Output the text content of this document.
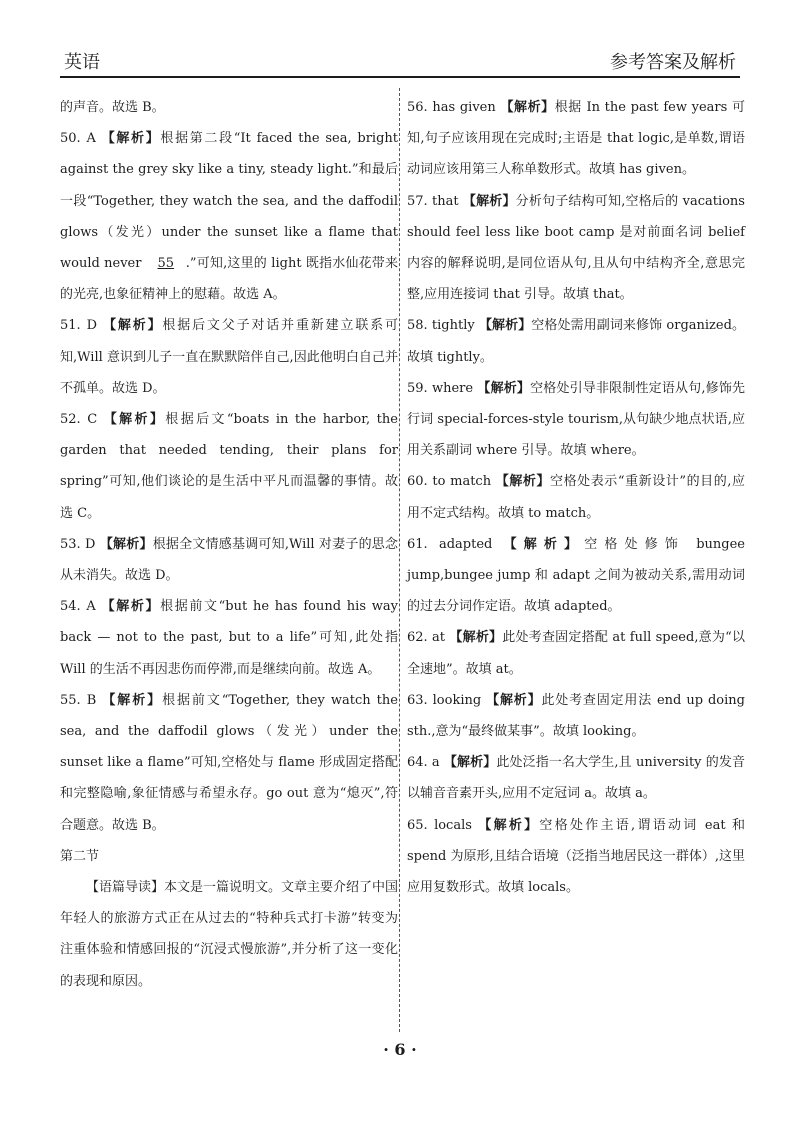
英语	参考答案及解析

的声音。故选 B。

50. A 【解析】根据第二段“It faced the sea, bright against the grey sky like a tiny, steady light.”和最后一段“Together, they watch the sea, and the daffodil glows（发光）under the sunset like a flame that would never 55 .”可知,这里的 light 既指水仙花带来的光亮,也象征精神上的慰藉。故选 A。

51. D 【解析】根据后文父子对话并重新建立联系可知,Will 意识到儿子一直在默默陪伴自己,因此他明白自己并不孤单。故选 D。

52. C 【解析】根据后文“boats in the harbor, the garden that needed tending, their plans for spring”可知,他们谈论的是生活中平凡而温馨的事情。故选 C。

53. D 【解析】根据全文情感基调可知,Will 对妻子的思念从未消失。故选 D。

54. A 【解析】根据前文“but he has found his way back — not to the past, but to a life”可知,此处指 Will 的生活不再因悲伤而停滞,而是继续向前。故选 A。

55. B 【解析】根据前文“Together, they watch the sea, and the daffodil glows（发光）under the sunset like a flame”可知,空格处与 flame 形成固定搭配和完整隐喻,象征情感与希望永存。go out 意为“熄灭”,符合题意。故选 B。

第二节

【语篇导读】本文是一篇说明文。文章主要介绍了中国年轻人的旅游方式正在从过去的“特种兵式打卡游”转变为注重体验和情感回报的“沉浸式慢旅游”,并分析了这一变化的表现和原因。

56. has given 【解析】根据 In the past few years 可知,句子应该用现在完成时;主语是 that logic,是单数,谓语动词应该用第三人称单数形式。故填 has given。

57. that 【解析】分析句子结构可知,空格后的 vacations should feel less like boot camp 是对前面名词 belief 内容的解释说明,是同位语从句,且从句中结构齐全,意思完整,应用连接词 that 引导。故填 that。

58. tightly 【解析】空格处需用副词来修饰 organized。故填 tightly。

59. where 【解析】空格处引导非限制性定语从句,修饰先行词 special-forces-style tourism,从句缺少地点状语,应用关系副词 where 引导。故填 where。

60. to match 【解析】空格处表示“重新设计”的目的,应用不定式结构。故填 to match。

61. adapted 【解析】空格处修饰 bungee jump,bungee jump 和 adapt 之间为被动关系,需用动词的过去分词作定语。故填 adapted。

62. at 【解析】此处考查固定搭配 at full speed,意为“以全速地”。故填 at。

63. looking 【解析】此处考查固定用法 end up doing sth.,意为“最终做某事”。故填 looking。

64. a 【解析】此处泛指一名大学生,且 university 的发音以辅音音素开头,应用不定冠词 a。故填 a。

65. locals 【解析】空格处作主语,谓语动词 eat 和 spend 为原形,且结合语境（泛指当地居民这一群体）,这里应用复数形式。故填 locals。

· 6 ·
